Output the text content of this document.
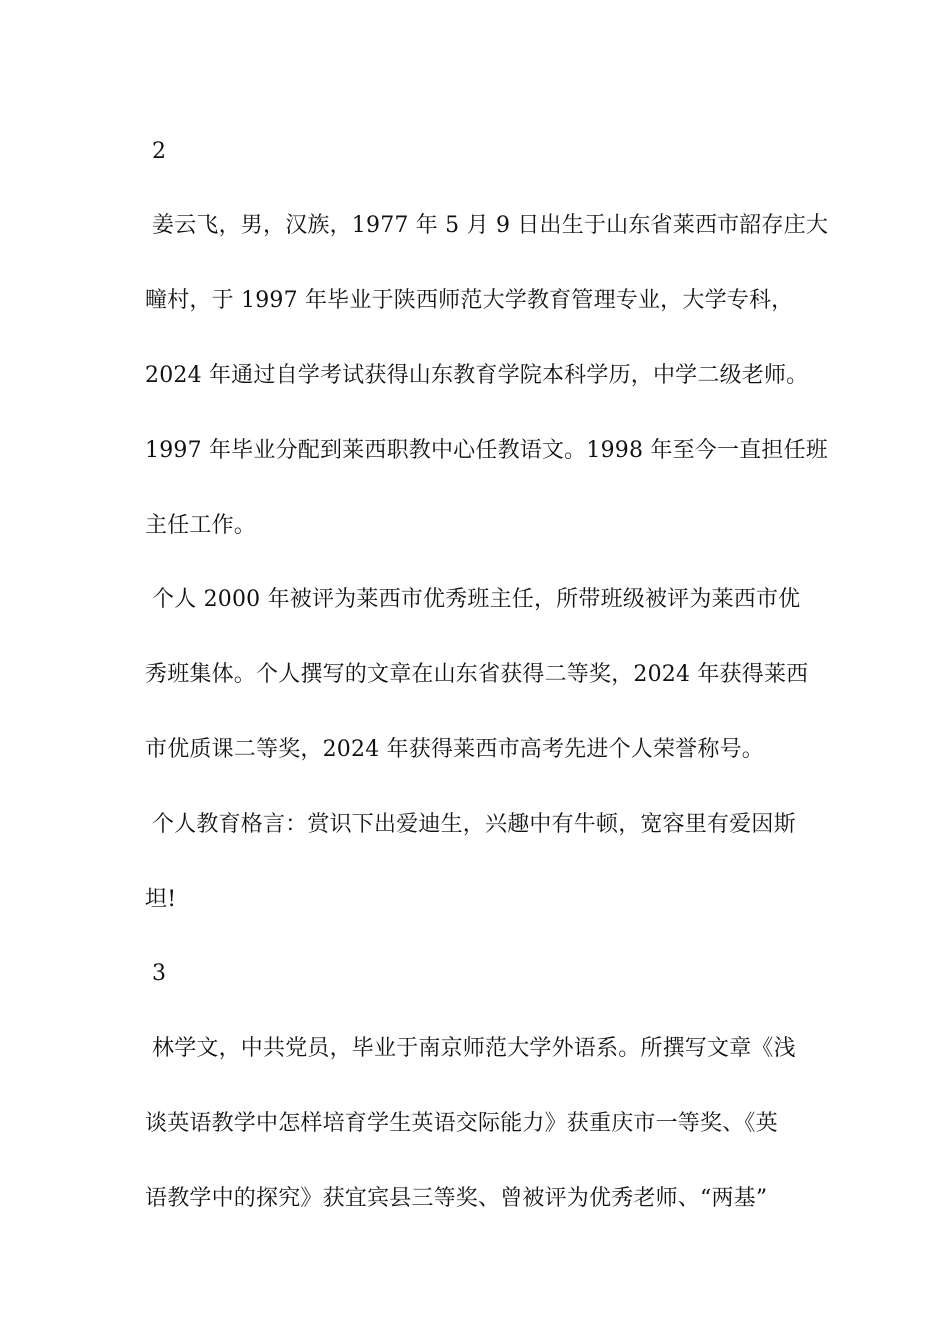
2
姜云飞，男，汉族，1977 年 5 月 9 日出生于山东省莱西市韶存庄大
疃村，于 1997 年毕业于陕西师范大学教育管理专业，大学专科，
2024 年通过自学考试获得山东教育学院本科学历，中学二级老师。
1997 年毕业分配到莱西职教中心任教语文。1998 年至今一直担任班
主任工作。
个人 2000 年被评为莱西市优秀班主任，所带班级被评为莱西市优
秀班集体。个人撰写的文章在山东省获得二等奖，2024 年获得莱西
市优质课二等奖，2024 年获得莱西市高考先进个人荣誉称号。
个人教育格言：赏识下出爱迪生，兴趣中有牛顿，宽容里有爱因斯
坦!
3
林学文，中共党员，毕业于南京师范大学外语系。所撰写文章《浅
谈英语教学中怎样培育学生英语交际能力》获重庆市一等奖、《英
语教学中的探究》获宜宾县三等奖、曾被评为优秀老师、“两基”
